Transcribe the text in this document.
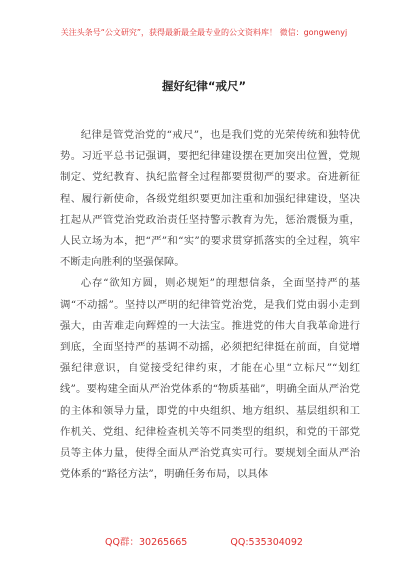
关注头条号“公文研究”，获得最新最全最专业的公文资料库！ 微信：gongwenyj
握好纪律“戒尺”

纪律是管党治党的“戒尺”，也是我们党的光荣传统和独特优势。习近平总书记强调，要把纪律建设摆在更加突出位置，党规制定、党纪教育、执纪监督全过程都要贯彻严的要求。奋进新征程、履行新使命，各级党组织要更加注重和加强纪律建设，坚决扛起从严管党治党政治责任坚持警示教育为先，惩治震慑为重，人民立场为本，把“严”和“实”的要求贯穿抓落实的全过程，筑牢不断走向胜利的坚强保障。

心存“欲知方圆，则必规矩”的理想信条，全面坚持严的基调“不动摇”。坚持以严明的纪律管党治党，是我们党由弱小走到强大，由苦难走向辉煌的一大法宝。推进党的伟大自我革命进行到底，全面坚持严的基调不动摇，必须把纪律挺在前面，自觉增强纪律意识，自觉接受纪律约束，才能在心里“立标尺”“划红线”。要构建全面从严治党体系的“物质基础”，明确全面从严治党的主体和领导力量，即党的中央组织、地方组织、基层组织和工作机关、党组、纪律检查机关等不同类型的组织，和党的干部党员等主体力量，使得全面从严治党真实可行。要规划全面从严治党体系的“路径方法”，明确任务布局，以具体

QQ群：30265665	QQ:535304092
